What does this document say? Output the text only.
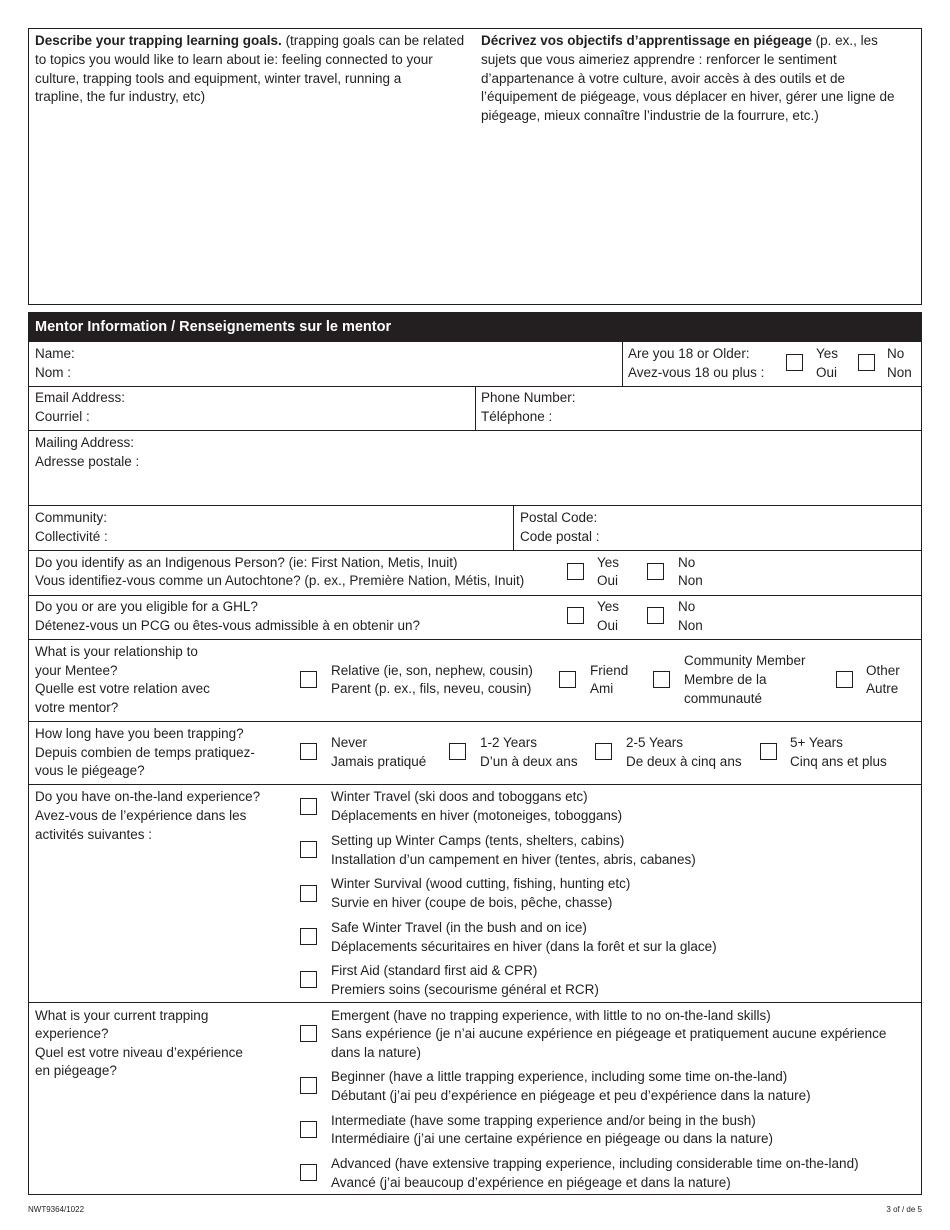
Describe your trapping learning goals. (trapping goals can be related
to topics you would like to learn about ie: feeling connected to your
culture, trapping tools and equipment, winter travel, running a
trapline, the fur industry, etc)
Décrivez vos objectifs d’apprentissage en piégeage (p. ex., les
sujets que vous aimeriez apprendre : renforcer le sentiment
d’appartenance à votre culture, avoir accès à des outils et de
l’équipement de piégeage, vous déplacer en hiver, gérer une ligne de
piégeage, mieux connaître l’industrie de la fourrure, etc.)
Mentor Information / Renseignements sur le mentor
Name:
Nom :
Are you 18 or Older:
Avez-vous 18 ou plus :
Yes
Oui
No
Non
Email Address:
Courriel :
Phone Number:
Téléphone :
Mailing Address:
Adresse postale :
Community:
Collectivité :
Postal Code:
Code postal :
Do you identify as an Indigenous Person? (ie: First Nation, Metis, Inuit)
Vous identifiez-vous comme un Autochtone? (p. ex., Première Nation, Métis, Inuit)
Yes
Oui
No
Non
Do you or are you eligible for a GHL?
Détenez-vous un PCG ou êtes-vous admissible à en obtenir un?
Yes
Oui
No
Non
What is your relationship to
your Mentee?
Quelle est votre relation avec
votre mentor?
Relative (ie, son, nephew, cousin)
Parent (p. ex., fils, neveu, cousin)
Friend
Ami
Community Member
Membre de la
communauté
Other
Autre
How long have you been trapping?
Depuis combien de temps pratiquez-
vous le piégeage?
Never
Jamais pratiqué
1-2 Years
D’un à deux ans
2-5 Years
De deux à cinq ans
5+ Years
Cinq ans et plus
Do you have on-the-land experience?
Avez-vous de l’expérience dans les
activités suivantes :
Winter Travel (ski doos and toboggans etc)
Déplacements en hiver (motoneiges, toboggans)
Setting up Winter Camps (tents, shelters, cabins)
Installation d’un campement en hiver (tentes, abris, cabanes)
Winter Survival (wood cutting, fishing, hunting etc)
Survie en hiver (coupe de bois, pêche, chasse)
Safe Winter Travel (in the bush and on ice)
Déplacements sécuritaires en hiver (dans la forêt et sur la glace)
First Aid (standard first aid & CPR)
Premiers soins (secourisme général et RCR)
What is your current trapping
experience?
Quel est votre niveau d’expérience
en piégeage?
Emergent (have no trapping experience, with little to no on-the-land skills)
Sans expérience (je n’ai aucune expérience en piégeage et pratiquement aucune expérience
dans la nature)
Beginner (have a little trapping experience, including some time on-the-land)
Débutant (j’ai peu d’expérience en piégeage et peu d’expérience dans la nature)
Intermediate (have some trapping experience and/or being in the bush)
Intermédiaire (j’ai une certaine expérience en piégeage ou dans la nature)
Advanced (have extensive trapping experience, including considerable time on-the-land)
Avancé (j’ai beaucoup d’expérience en piégeage et dans la nature)
NWT9364/1022	3 of / de 5
